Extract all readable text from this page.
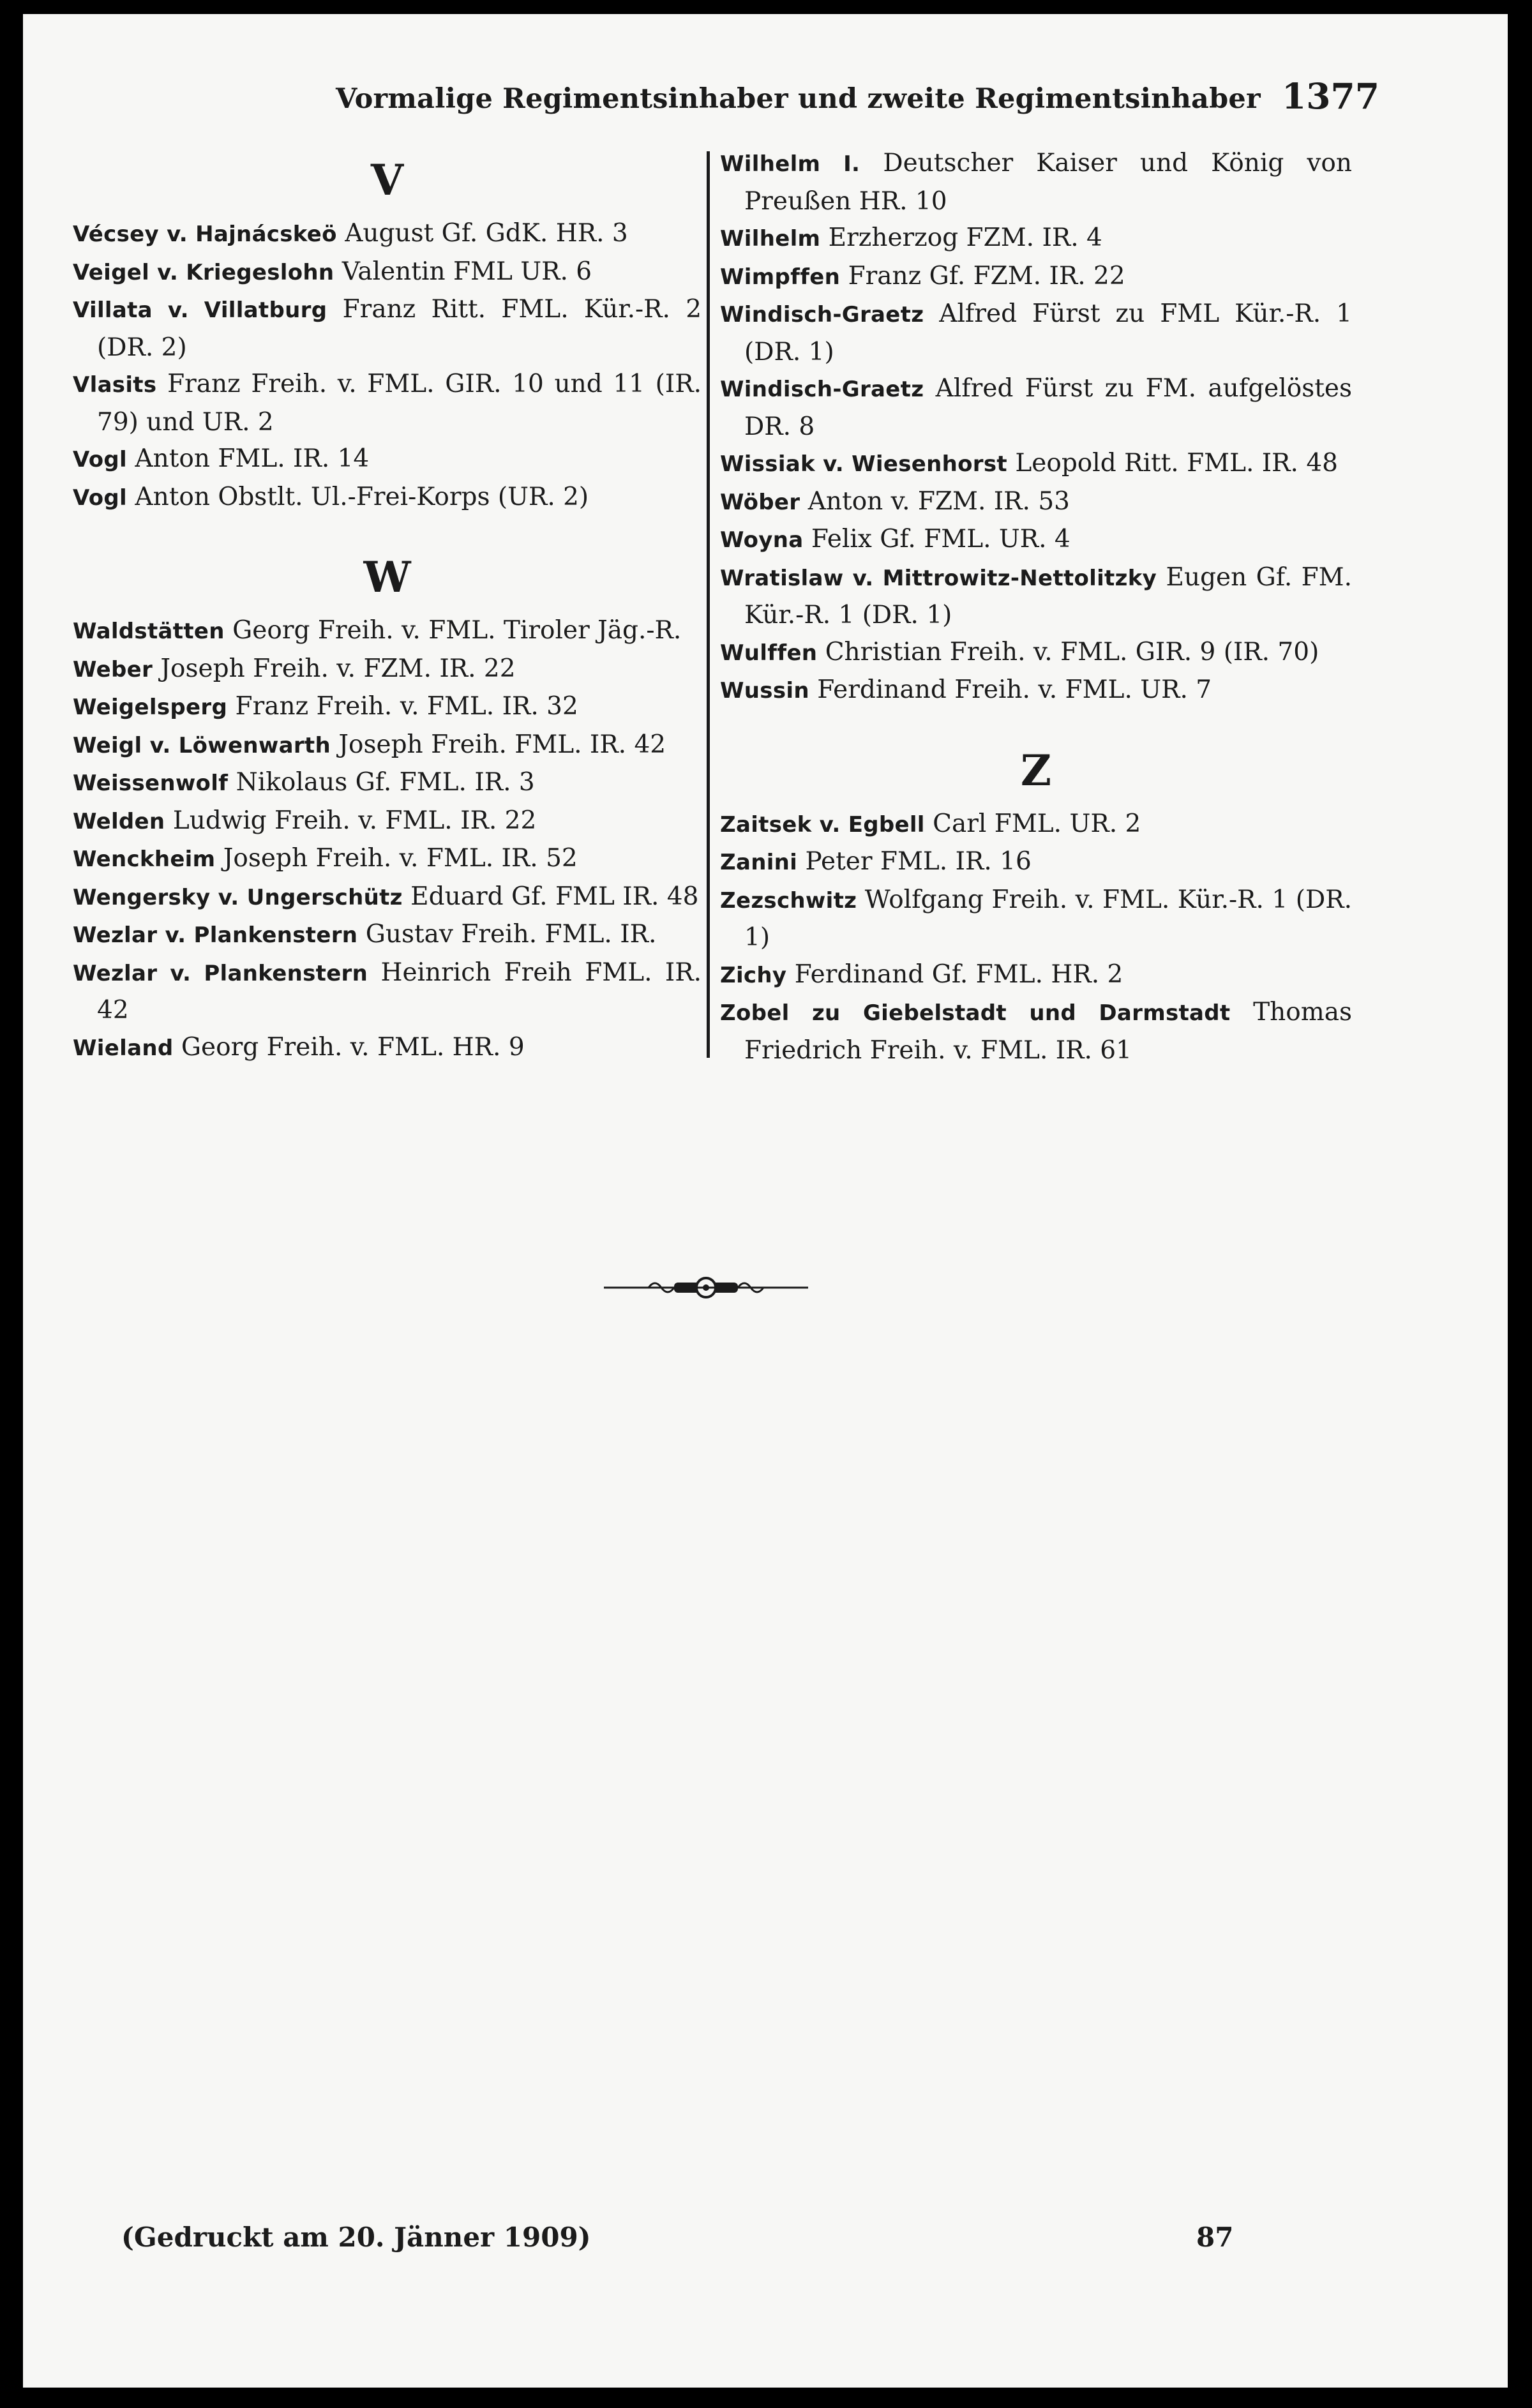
Vormalige Regimentsinhaber und zweite Regimentsinhaber 1377
V
Vécsey v. Hajnácskeö August Gf. GdK. HR. 3
Veigel v. Kriegeslohn Valentin FML UR. 6
Villata v. Villatburg Franz Ritt. FML. Kür.-R. 2 (DR. 2)
Vlasits Franz Freih. v. FML. GIR. 10 und 11 (IR. 79) und UR. 2
Vogl Anton FML. IR. 14
Vogl Anton Obstlt. Ul.-Frei-Korps (UR. 2)
W
Waldstätten Georg Freih. v. FML. Tiroler Jäg.-R.
Weber Joseph Freih. v. FZM. IR. 22
Weigelsperg Franz Freih. v. FML. IR. 32
Weigl v. Löwenwarth Joseph Freih. FML. IR. 42
Weissenwolf Nikolaus Gf. FML. IR. 3
Welden Ludwig Freih. v. FML. IR. 22
Wenckheim Joseph Freih. v. FML. IR. 52
Wengersky v. Ungerschütz Eduard Gf. FML IR. 48
Wezlar v. Plankenstern Gustav Freih. FML. IR.
Wezlar v. Plankenstern Heinrich Freih FML. IR. 42
Wieland Georg Freih. v. FML. HR. 9
Wilhelm I. Deutscher Kaiser und König von Preußen HR. 10
Wilhelm Erzherzog FZM. IR. 4
Wimpffen Franz Gf. FZM. IR. 22
Windisch-Graetz Alfred Fürst zu FML Kür.-R. 1 (DR. 1)
Windisch-Graetz Alfred Fürst zu FM. aufgelöstes DR. 8
Wissiak v. Wiesenhorst Leopold Ritt. FML. IR. 48
Wöber Anton v. FZM. IR. 53
Woyna Felix Gf. FML. UR. 4
Wratislaw v. Mittrowitz-Nettolitzky Eugen Gf. FM. Kür.-R. 1 (DR. 1)
Wulffen Christian Freih. v. FML. GIR. 9 (IR. 70)
Wussin Ferdinand Freih. v. FML. UR. 7
Z
Zaitsek v. Egbell Carl FML. UR. 2
Zanini Peter FML. IR. 16
Zezschwitz Wolfgang Freih. v. FML. Kür.-R. 1 (DR. 1)
Zichy Ferdinand Gf. FML. HR. 2
Zobel zu Giebelstadt und Darmstadt Thomas Friedrich Freih. v. FML. IR. 61
(Gedruckt am 20. Jänner 1909)	87
